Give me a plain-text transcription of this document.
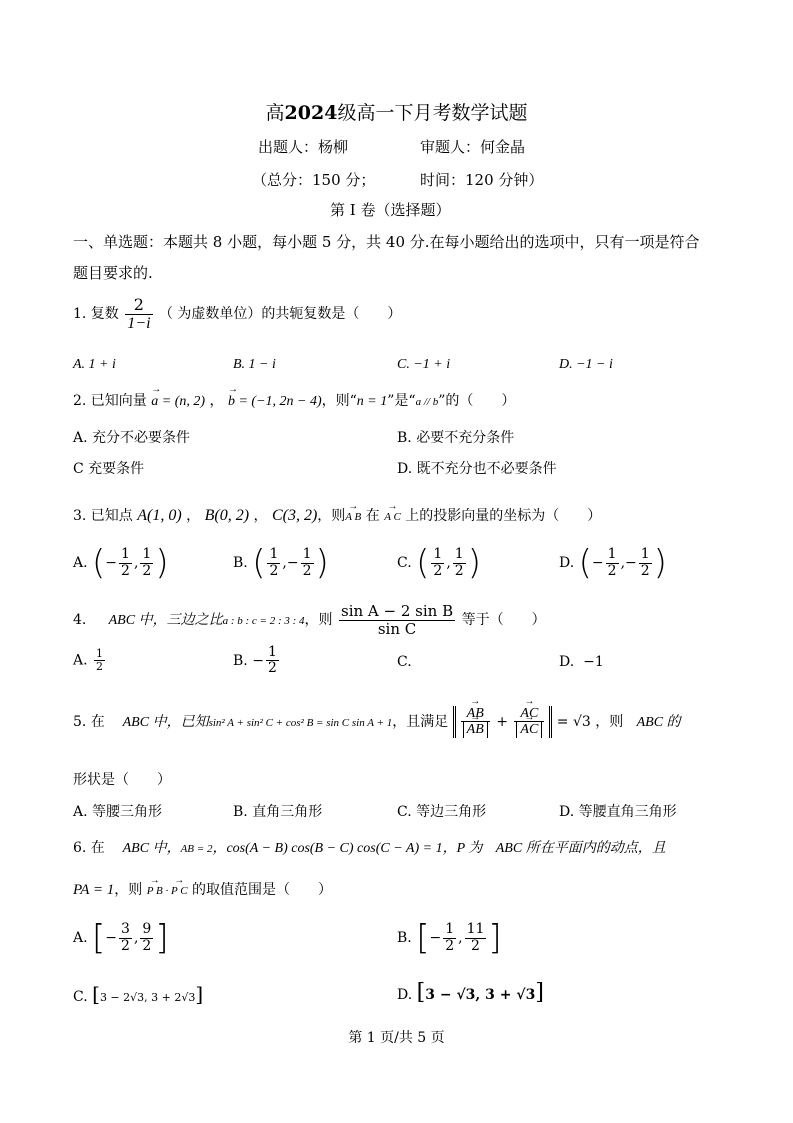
高2024级高一下月考数学试题
出题人：杨柳	审题人：何金晶
（总分：150 分；	时间：120 分钟）
第 I 卷（选择题）
一、单选题：本题共 8 小题，每小题 5 分，共 40 分.在每小题给出的选项中，只有一项是符合
题目要求的.
1. 复数 $\frac{2}{1-i}$ （ 为虚数单位）的共轭复数是（　　）
A. 1 + i	B. 1 − i	C. −1 + i	D. −1 − i
2. 已知向量 → a = (n, 2) ， → b = (−1, 2n − 4)，则“n = 1”是“a // b”的（　　）
A. 充分不必要条件	B. 必要不充分条件
C 充要条件	D. 既不充分也不必要条件
3. 已知点 A(1, 0) ， B(0, 2) ， C(3, 2)，则→ A B 在 → A C 上的投影向量的坐标为（　　）
A. (− $\frac{1}{2}$ , $\frac{1}{2}$ )	B. ( $\frac{1}{2}$ ,− $\frac{1}{2}$ )	C. ( $\frac{1}{2}$ , $\frac{1}{2}$ )	D. (− $\frac{1}{2}$ ,− $\frac{1}{2}$ )
4. ABC 中，三边之比a : b : c = 2 : 3 : 4，则 $\frac{\text{sin A − 2 sin B}}{\text{sin C}}$ 等于（　　）
A. $\frac{1}{2}$	B. − $\frac{1}{2}$	C.	D. −1
5. 在 ABC 中，已知sin² A + sin² C + cos² B = sin C sin A + 1，且满足 → AB
→ AB + → AC
→ AC = √3 ，则 ABC 的
形状是（　　）
A. 等腰三角形	B. 直角三角形	C. 等边三角形	D. 等腰直角三角形
6. 在 ABC 中，AB = 2，cos(A − B) cos(B − C) cos(C − A) = 1，P 为 ABC 所在平面内的动点，且
PA = 1，则 → P B · → P C 的取值范围是（　　）
A. [− $\frac{3}{2}$ , $\frac{9}{2}$ ]	B. [− $\frac{1}{2}$ , $\frac{11}{2}$ ]
C. [3 − 2√3, 3 + 2√3]	D. [3 − √3, 3 + √3]
第 1 页/共 5 页
